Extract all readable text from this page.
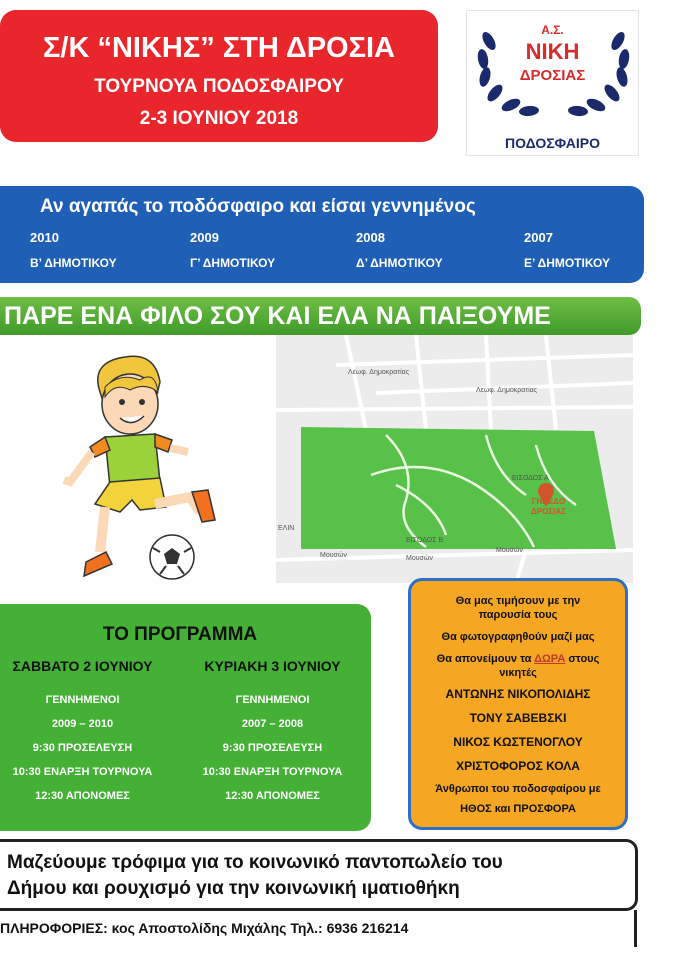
Σ/Κ “ΝΙΚΗΣ” ΣΤΗ ΔΡΟΣΙΑ
ΤΟΥΡΝΟΥΑ ΠΟΔΟΣΦΑΙΡΟΥ
2-3 ΙΟΥΝΙΟΥ 2018
Α.Σ.
ΝΙΚΗ
ΔΡΟΣΙΑΣ
ΠΟΔΟΣΦΑΙΡΟ
Αν αγαπάς το ποδόσφαιρο και είσαι γεννημένος
2010
Β’ ΔΗΜΟΤΙΚΟΥ
2009
Γ’ ΔΗΜΟΤΙΚΟΥ
2008
Δ’ ΔΗΜΟΤΙΚΟΥ
2007
Ε’ ΔΗΜΟΤΙΚΟΥ
ΠΑΡΕ ΕΝΑ ΦΙΛΟ ΣΟΥ ΚΑΙ ΕΛΑ ΝΑ ΠΑΙΞΟΥΜΕ
Λεωφ. Δημοκρατίας
Λεωφ. Δημοκρατίας
ΕΙΣΟΔΟΣ Α
ΕΙΣΟΔΟΣ Β
Μουσών	Μουσών
Μουσών
ΕΛΙΝ
ΓΗΠΕΔΟ
ΔΡΟΣΙΑΣ
ΤΟ ΠΡΟΓΡΑΜΜΑ
ΣΑΒΒΑΤΟ 2 ΙΟΥΝΙΟΥ
ΓΕΝΝΗΜΕΝΟΙ
2009 – 2010
9:30 ΠΡΟΣΕΛΕΥΣΗ
10:30 ΕΝΑΡΞΗ ΤΟΥΡΝΟΥΑ
12:30 ΑΠΟΝΟΜΕΣ
ΚΥΡΙΑΚΗ 3 ΙΟΥΝΙΟΥ
ΓΕΝΝΗΜΕΝΟΙ
2007 – 2008
9:30 ΠΡΟΣΕΛΕΥΣΗ
10:30 ΕΝΑΡΞΗ ΤΟΥΡΝΟΥΑ
12:30 ΑΠΟΝΟΜΕΣ
Θα μας τιμήσουν με την
παρουσία τους
Θα φωτογραφηθούν μαζί μας
Θα απονείμουν τα ΔΩΡΑ στους
νικητές
ΑΝΤΩΝΗΣ ΝΙΚΟΠΟΛΙΔΗΣ
ΤΟΝΥ ΣΑΒΕΒΣΚΙ
ΝΙΚΟΣ ΚΩΣΤΕΝΟΓΛΟΥ
ΧΡΙΣΤΟΦΟΡΟΣ ΚΟΛΑ
Άνθρωποι του ποδοσφαίρου με
ΗΘΟΣ και ΠΡΟΣΦΟΡΑ
Μαζεύουμε τρόφιμα για το κοινωνικό παντοπωλείο του
Δήμου και ρουχισμό για την κοινωνική ιματιοθήκη
ΠΛΗΡΟΦΟΡΙΕΣ: κος Αποστολίδης Μιχάλης Τηλ.: 6936 216214
